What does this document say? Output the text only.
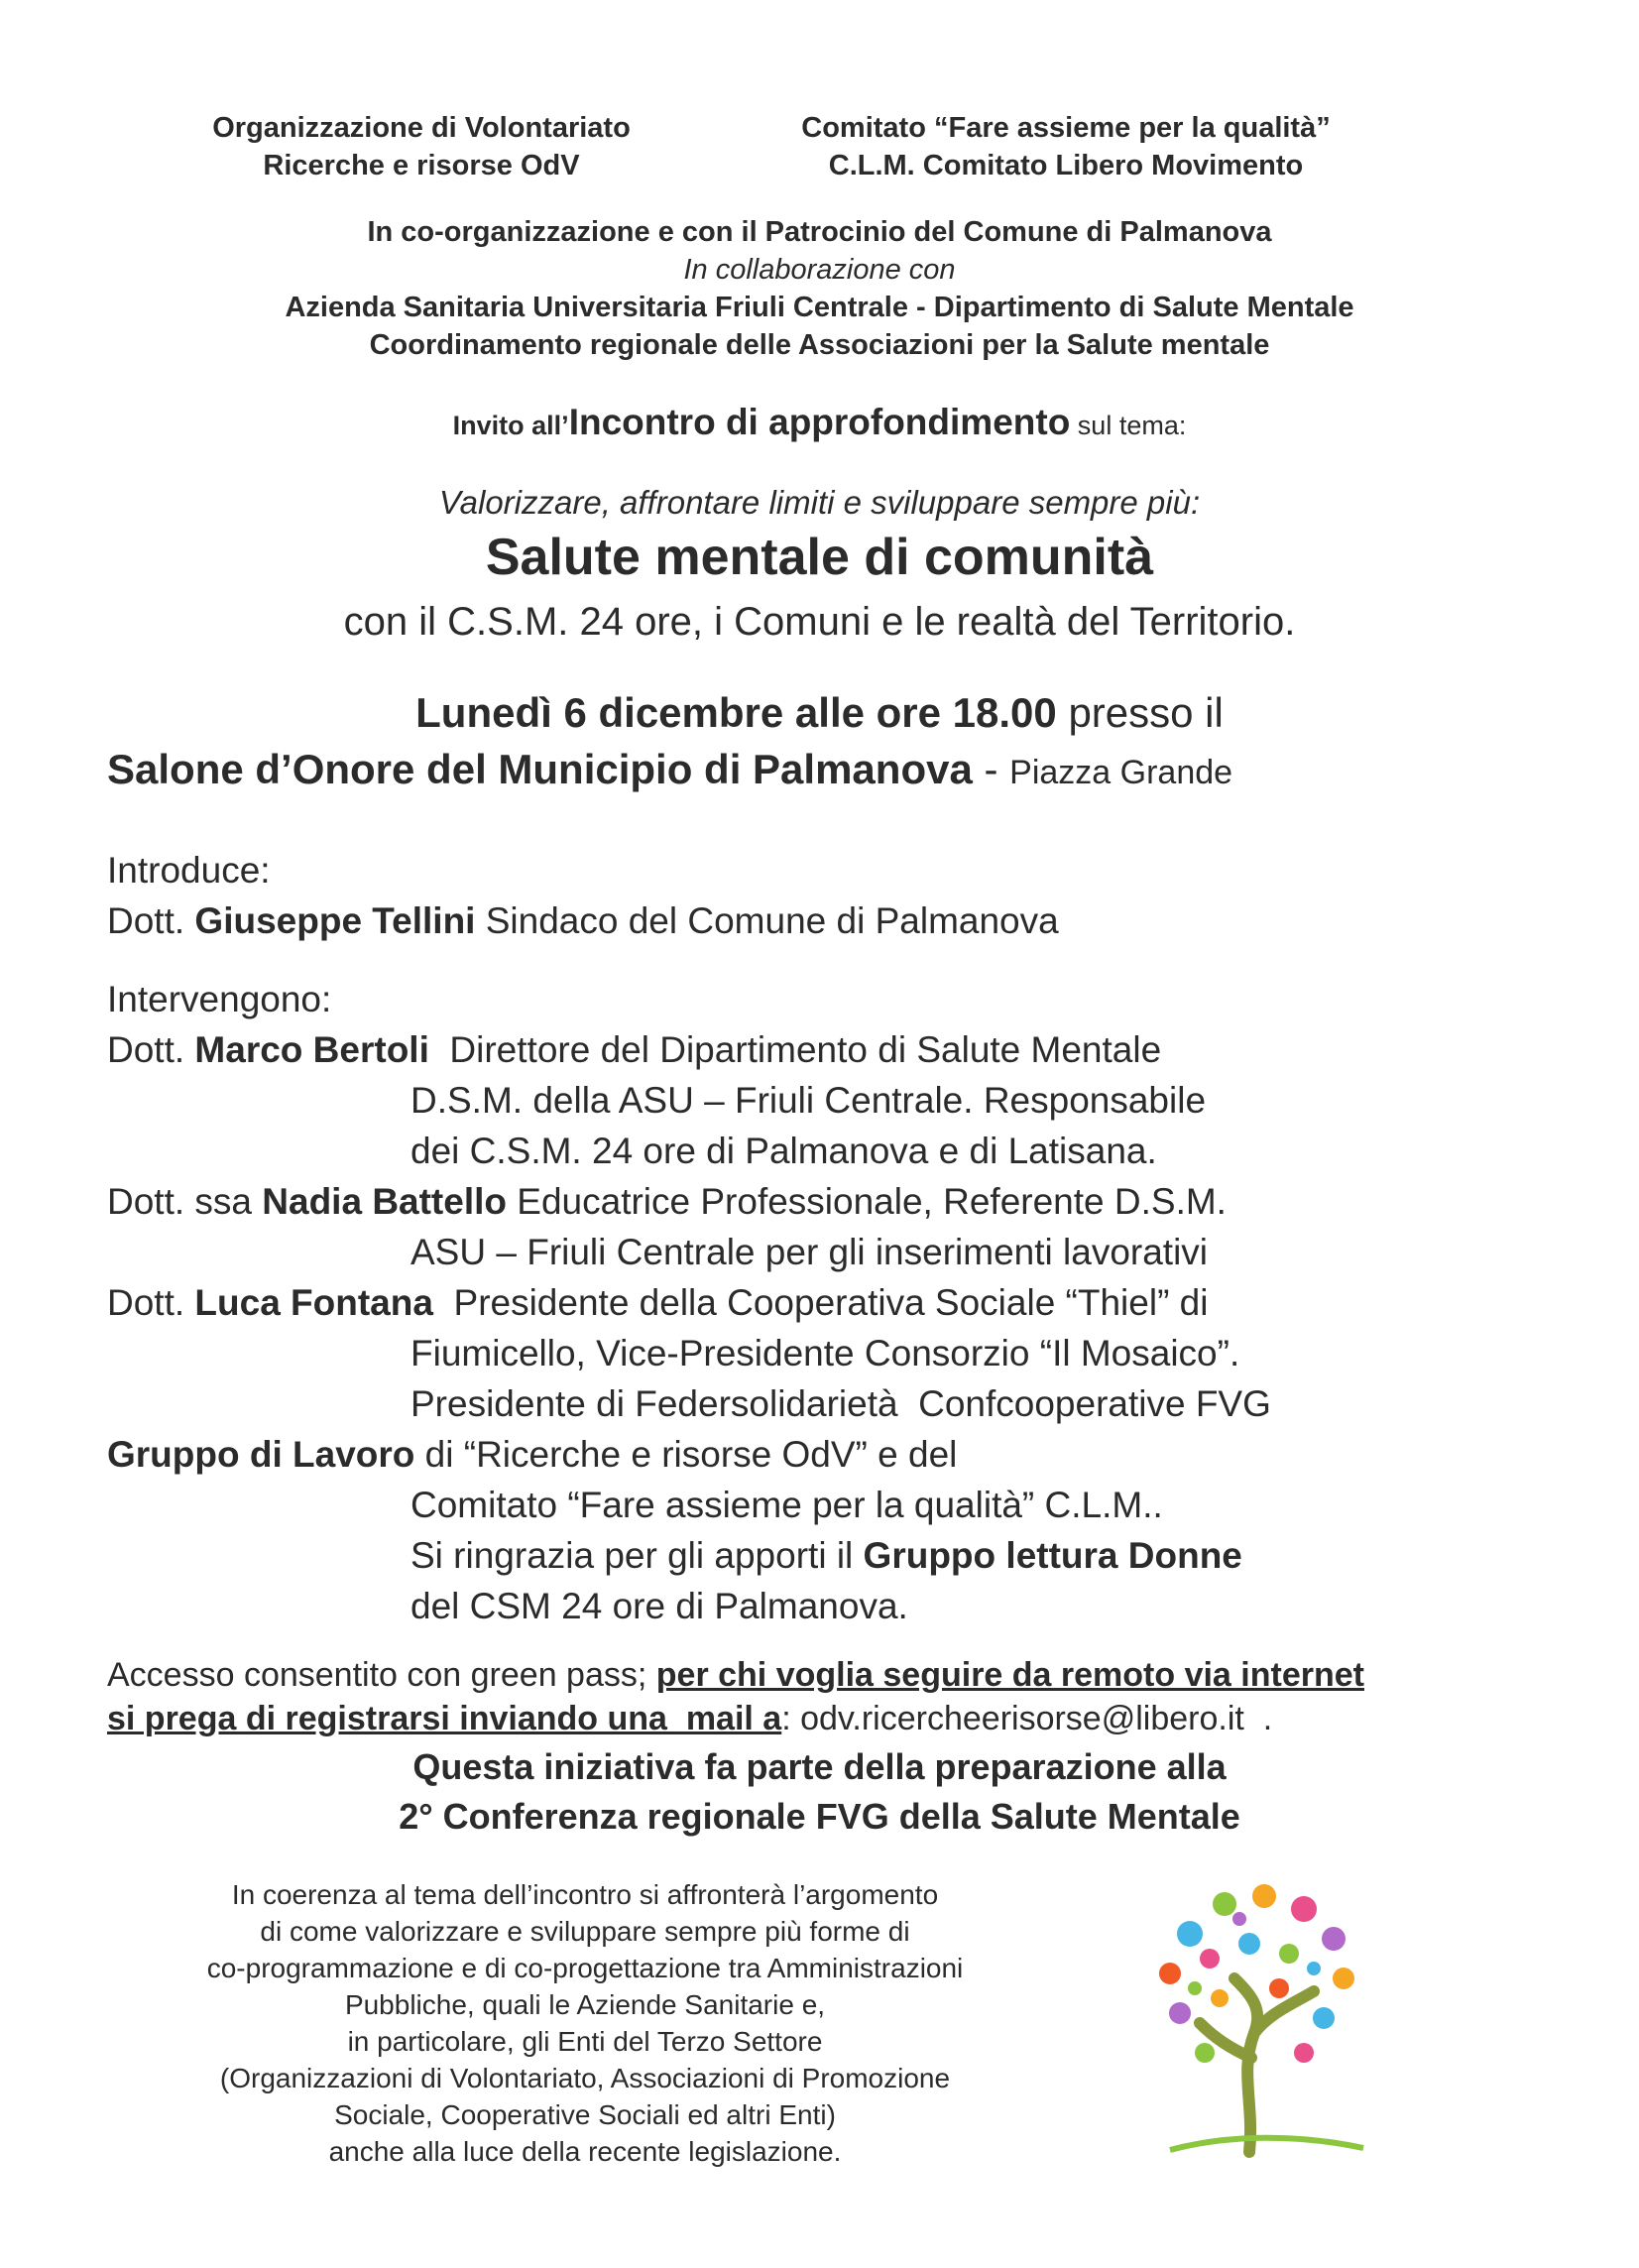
Organizzazione di Volontariato
Ricerche e risorse OdV
Comitato “Fare assieme per la qualità”
C.L.M. Comitato Libero Movimento
In co-organizzazione e con il Patrocinio del Comune di Palmanova
In collaborazione con
Azienda Sanitaria Universitaria Friuli Centrale - Dipartimento di Salute Mentale
Coordinamento regionale delle Associazioni per la Salute mentale
Invito all’Incontro di approfondimento sul tema:
Valorizzare, affrontare limiti e sviluppare sempre più:
Salute mentale di comunità
con il C.S.M. 24 ore, i Comuni e le realtà del Territorio.
Lunedì 6 dicembre alle ore 18.00 presso il
Salone d’Onore del Municipio di Palmanova - Piazza Grande
Introduce:
Dott. Giuseppe Tellini Sindaco del Comune di Palmanova
Intervengono:
Dott. Marco Bertoli  Direttore del Dipartimento di Salute Mentale
D.S.M. della ASU – Friuli Centrale. Responsabile
dei C.S.M. 24 ore di Palmanova e di Latisana.
Dott. ssa Nadia Battello Educatrice Professionale, Referente D.S.M.
ASU – Friuli Centrale per gli inserimenti lavorativi
Dott. Luca Fontana  Presidente della Cooperativa Sociale “Thiel” di
Fiumicello, Vice-Presidente Consorzio “Il Mosaico”.
Presidente di Federsolidarietà  Confcooperative FVG
Gruppo di Lavoro di “Ricerche e risorse OdV” e del
Comitato “Fare assieme per la qualità” C.L.M..
Si ringrazia per gli apporti il Gruppo lettura Donne
del CSM 24 ore di Palmanova.
Accesso consentito con green pass; per chi voglia seguire da remoto via internet
si prega di registrarsi inviando una  mail a: odv.ricercheerisorse@libero.it  .
Questa iniziativa fa parte della preparazione alla
2° Conferenza regionale FVG della Salute Mentale
In coerenza al tema dell’incontro si affronterà l’argomento
di come valorizzare e sviluppare sempre più forme di
co-programmazione e di co-progettazione tra Amministrazioni
Pubbliche, quali le Aziende Sanitarie e,
in particolare, gli Enti del Terzo Settore
(Organizzazioni di Volontariato, Associazioni di Promozione
Sociale, Cooperative Sociali ed altri Enti)
anche alla luce della recente legislazione.
